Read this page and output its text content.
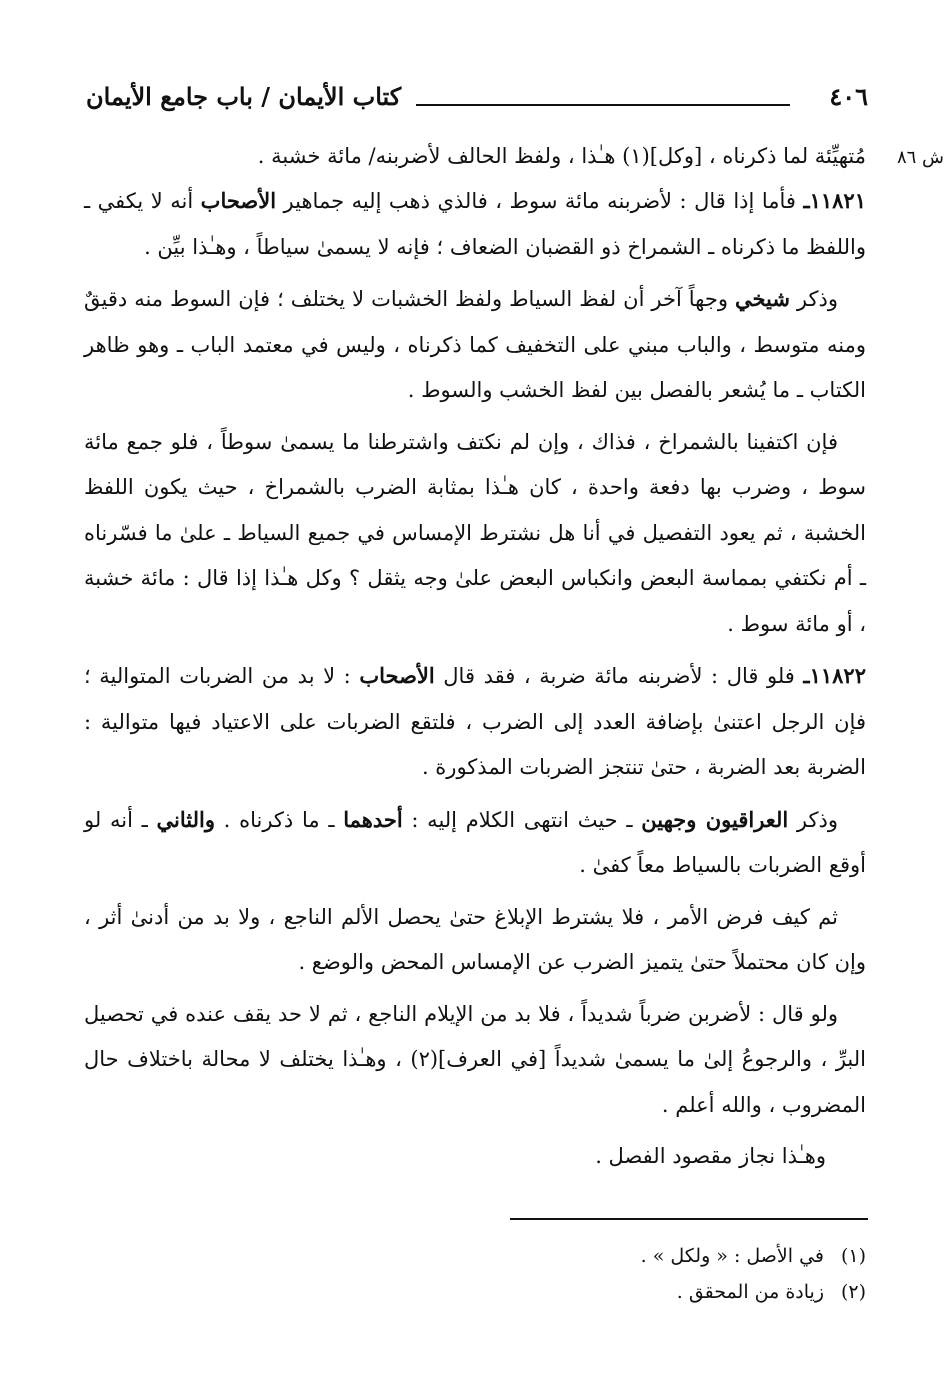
٤٠٦
كتاب الأيمان / باب جامع الأيمان
ش ٨٦
مُتهيِّئة لما ذكرناه ، [وكل](١) هـٰذا ، ولفظ الحالف لأضربنه/ مائة خشبة .

١١٨٢١ـ فأما إذا قال : لأضربنه مائة سوط ، فالذي ذهب إليه جماهير الأصحاب أنه لا يكفي ـ واللفظ ما ذكرناه ـ الشمراخ ذو القضبان الضعاف ؛ فإنه لا يسمىٰ سياطاً ، وهـٰذا بيِّن .

وذكر شيخي وجهاً آخر أن لفظ السياط ولفظ الخشبات لا يختلف ؛ فإن السوط منه دقيقٌ ومنه متوسط ، والباب مبني على التخفيف كما ذكرناه ، وليس في معتمد الباب ـ وهو ظاهر الكتاب ـ ما يُشعر بالفصل بين لفظ الخشب والسوط .

فإن اكتفينا بالشمراخ ، فذاك ، وإن لم نكتف واشترطنا ما يسمىٰ سوطاً ، فلو جمع مائة سوط ، وضرب بها دفعة واحدة ، كان هـٰذا بمثابة الضرب بالشمراخ ، حيث يكون اللفظ الخشبة ، ثم يعود التفصيل في أنا هل نشترط الإمساس في جميع السياط ـ علىٰ ما فسّرناه ـ أم نكتفي بمماسة البعض وانكباس البعض علىٰ وجه يثقل ؟ وكل هـٰذا إذا قال : مائة خشبة ، أو مائة سوط .

١١٨٢٢ـ فلو قال : لأضربنه مائة ضربة ، فقد قال الأصحاب : لا بد من الضربات المتوالية ؛ فإن الرجل اعتنىٰ بإضافة العدد إلى الضرب ، فلتقع الضربات على الاعتياد فيها متوالية : الضربة بعد الضربة ، حتىٰ تنتجز الضربات المذكورة .

وذكر العراقيون وجهين ـ حيث انتهى الكلام إليه : أحدهما ـ ما ذكرناه . والثاني ـ أنه لو أوقع الضربات بالسياط معاً كفىٰ .

ثم كيف فرض الأمر ، فلا يشترط الإبلاغ حتىٰ يحصل الألم الناجع ، ولا بد من أدنىٰ أثر ، وإن كان محتملاً حتىٰ يتميز الضرب عن الإمساس المحض والوضع .

ولو قال : لأضربن ضرباً شديداً ، فلا بد من الإيلام الناجع ، ثم لا حد يقف عنده في تحصيل البرِّ ، والرجوعُ إلىٰ ما يسمىٰ شديداً [في العرف](٢) ، وهـٰذا يختلف لا محالة باختلاف حال المضروب ، والله أعلم .

وهـٰذا نجاز مقصود الفصل .

(١)في الأصل : « ولكل » .
(٢)زيادة من المحقق .
